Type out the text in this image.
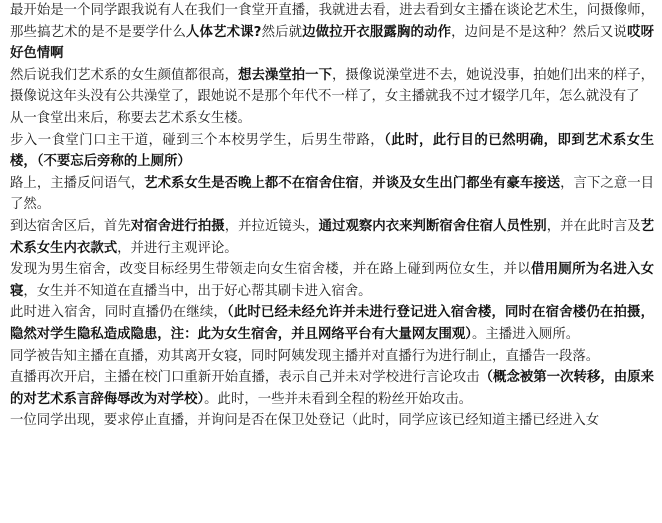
最开始是一个同学跟我说有人在我们一食堂开直播，我就进去看，进去看到女主播在谈论艺术生，问摄像师，那些搞艺术的是不是要学什么人体艺术课?然后就边做拉开衣服露胸的动作，边问是不是这种？然后又说哎呀好色情啊

然后说我们艺术系的女生颜值都很高，想去澡堂拍一下，摄像说澡堂进不去，她说没事，拍她们出来的样子，摄像说这年头没有公共澡堂了，跟她说不是那个年代不一样了，女主播就我不过才辍学几年，怎么就没有了

从一食堂出来后，称要去艺术系女生楼。

步入一食堂门口主干道，碰到三个本校男学生，后男生带路，（此时，此行目的已然明确，即到艺术系女生楼，（不要忘后旁称的上厕所）

路上，主播反问语气，艺术系女生是否晚上都不在宿舍住宿，并谈及女生出门都坐有豪车接送，言下之意一目了然。

到达宿舍区后，首先对宿舍进行拍摄，并拉近镜头，通过观察内衣来判断宿舍住宿人员性别，并在此时言及艺术系女生内衣款式，并进行主观评论。

发现为男生宿舍，改变目标经男生带领走向女生宿舍楼，并在路上碰到两位女生，并以借用厕所为名进入女寝，女生并不知道在直播当中，出于好心帮其刷卡进入宿舍。

此时进入宿舍，同时直播仍在继续，（此时已经未经允许并未进行登记进入宿舍楼，同时在宿舍楼仍在拍摄，隐然对学生隐私造成隐患，注：此为女生宿舍，并且网络平台有大量网友围观）。主播进入厕所。

同学被告知主播在直播，劝其离开女寝，同时阿姨发现主播并对直播行为进行制止，直播告一段落。

直播再次开启，主播在校门口重新开始直播，表示自己并未对学校进行言论攻击（概念被第一次转移，由原来的对艺术系言辞侮辱改为对学校）。此时，一些并未看到全程的粉丝开始攻击。

一位同学出现，要求停止直播，并询问是否在保卫处登记（此时，同学应该已经知道主播已经进入女
